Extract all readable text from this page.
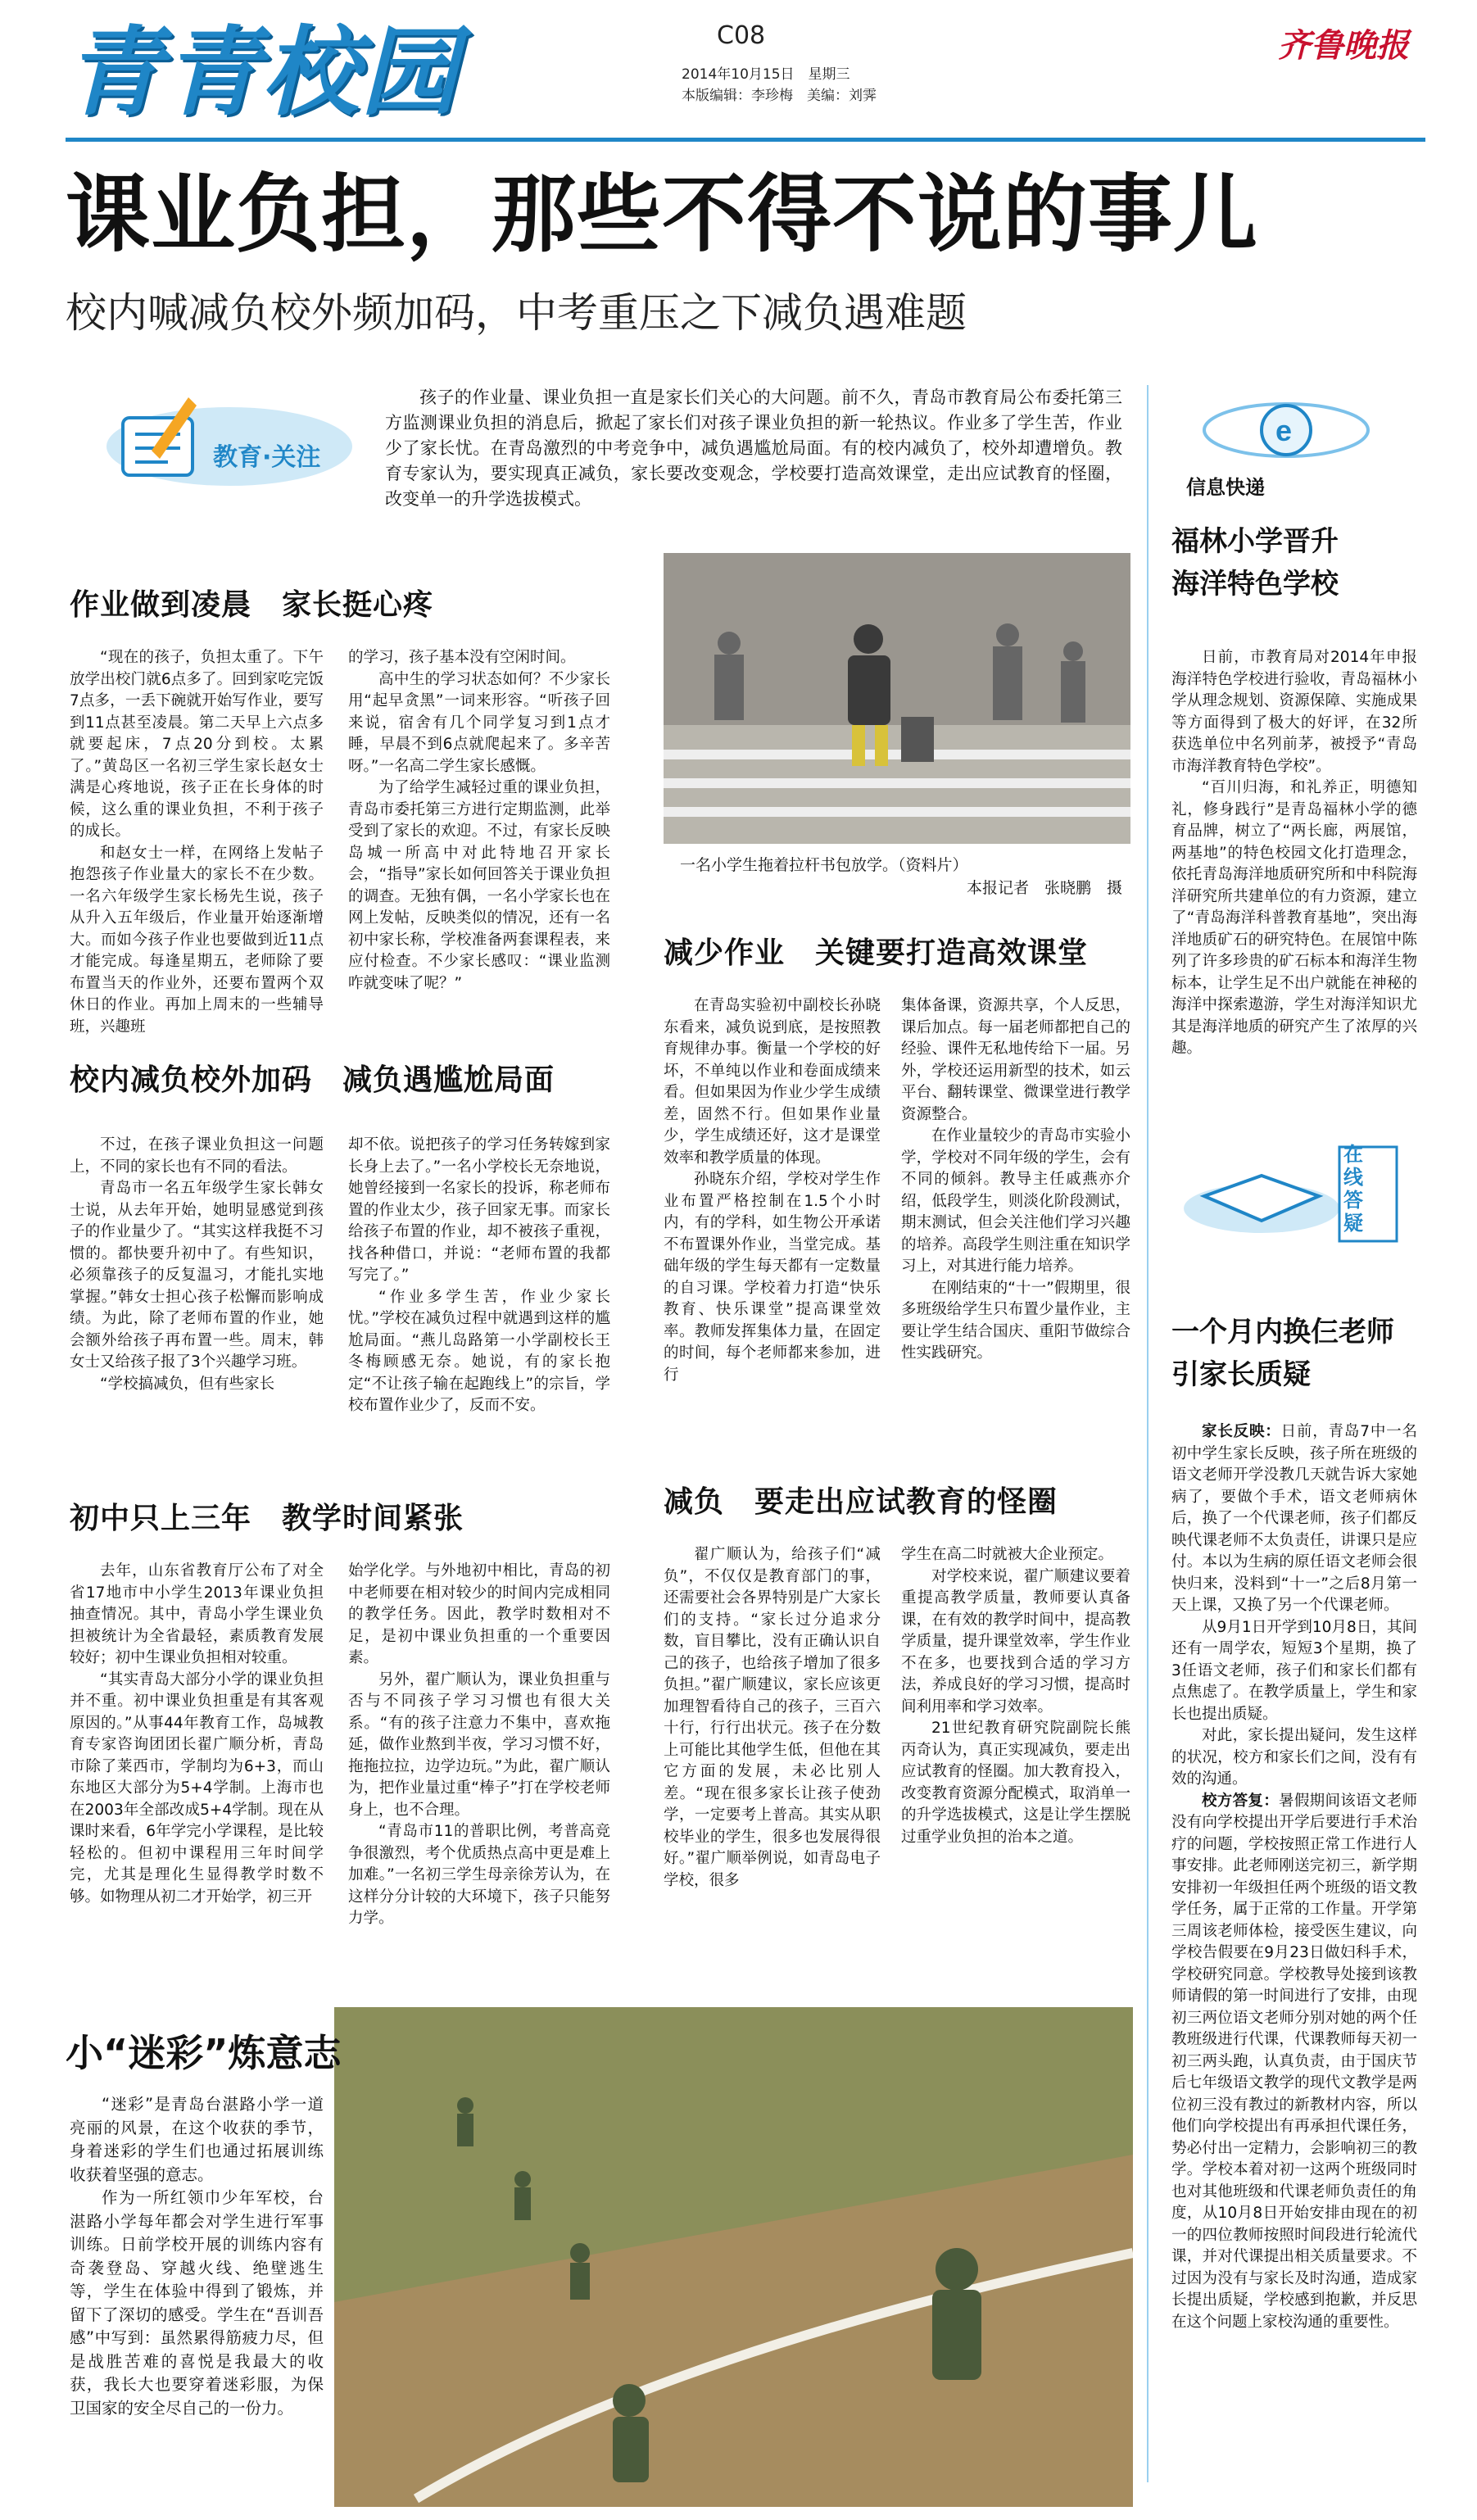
青青校园	C08
2014年10月15日　星期三
本版编辑：李珍梅　美编：刘霁
齐鲁晚报
课业负担，那些不得不说的事儿
校内喊减负校外频加码，中考重压之下减负遇难题
教育·关注
孩子的作业量、课业负担一直是家长们关心的大问题。前不久，青岛市教育局公布委托第三方监测课业负担的消息后，掀起了家长们对孩子课业负担的新一轮热议。作业多了学生苦，作业少了家长忧。在青岛激烈的中考竞争中，减负遇尴尬局面。有的校内减负了，校外却遭增负。教育专家认为，要实现真正减负，家长要改变观念，学校要打造高效课堂，走出应试教育的怪圈，改变单一的升学选拔模式。
作业做到凌晨　家长挺心疼

“现在的孩子，负担太重了。下午放学出校门就6点多了。回到家吃完饭7点多，一丢下碗就开始写作业，要写到11点甚至凌晨。第二天早上六点多就要起床，7点20分到校。太累了。”黄岛区一名初三学生家长赵女士满是心疼地说，孩子正在长身体的时候，这么重的课业负担，不利于孩子的成长。

和赵女士一样，在网络上发帖子抱怨孩子作业量大的家长不在少数。一名六年级学生家长杨先生说，孩子从升入五年级后，作业量开始逐渐增大。而如今孩子作业也要做到近11点才能完成。每逢星期五，老师除了要布置当天的作业外，还要布置两个双休日的作业。再加上周末的一些辅导班，兴趣班

的学习，孩子基本没有空闲时间。

高中生的学习状态如何？不少家长用“起早贪黑”一词来形容。“听孩子回来说，宿舍有几个同学复习到1点才睡，早晨不到6点就爬起来了。多辛苦呀。”一名高二学生家长感慨。

为了给学生减轻过重的课业负担，青岛市委托第三方进行定期监测，此举受到了家长的欢迎。不过，有家长反映岛城一所高中对此特地召开家长会，“指导”家长如何回答关于课业负担的调查。无独有偶，一名小学家长也在网上发帖，反映类似的情况，还有一名初中家长称，学校准备两套课程表，来应付检查。不少家长感叹：“课业监测咋就变味了呢？”

校内减负校外加码　减负遇尴尬局面

不过，在孩子课业负担这一问题上，不同的家长也有不同的看法。

青岛市一名五年级学生家长韩女士说，从去年开始，她明显感觉到孩子的作业量少了。“其实这样我挺不习惯的。都快要升初中了。有些知识，必须靠孩子的反复温习，才能扎实地掌握。”韩女士担心孩子松懈而影响成绩。为此，除了老师布置的作业，她会额外给孩子再布置一些。周末，韩女士又给孩子报了3个兴趣学习班。

“学校搞减负，但有些家长

却不依。说把孩子的学习任务转嫁到家长身上去了。”一名小学校长无奈地说，她曾经接到一名家长的投诉，称老师布置的作业太少，孩子回家无事。而家长给孩子布置的作业，却不被孩子重视，找各种借口，并说：“老师布置的我都写完了。”

“作业多学生苦，作业少家长忧。”学校在减负过程中就遇到这样的尴尬局面。“燕儿岛路第一小学副校长王冬梅顾感无奈。她说，有的家长抱定“不让孩子输在起跑线上”的宗旨，学校布置作业少了，反而不安。

初中只上三年　教学时间紧张

去年，山东省教育厅公布了对全省17地市中小学生2013年课业负担抽查情况。其中，青岛小学生课业负担被统计为全省最轻，素质教育发展较好；初中生课业负担相对较重。

“其实青岛大部分小学的课业负担并不重。初中课业负担重是有其客观原因的。”从事44年教育工作，岛城教育专家咨询团团长翟广顺分析，青岛市除了莱西市，学制均为6+3，而山东地区大部分为5+4学制。上海市也在2003年全部改成5+4学制。现在从课时来看，6年学完小学课程，是比较轻松的。但初中课程用三年时间学完，尤其是理化生显得教学时数不够。如物理从初二才开始学，初三开

始学化学。与外地初中相比，青岛的初中老师要在相对较少的时间内完成相同的教学任务。因此，教学时数相对不足，是初中课业负担重的一个重要因素。

另外，翟广顺认为，课业负担重与否与不同孩子学习习惯也有很大关系。“有的孩子注意力不集中，喜欢拖延，做作业熬到半夜，学习习惯不好，拖拖拉拉，边学边玩。”为此，翟广顺认为，把作业量过重“棒子”打在学校老师身上，也不合理。

“青岛市11的普职比例，考普高竞争很激烈，考个优质热点高中更是难上加难。”一名初三学生母亲徐芳认为，在这样分分计较的大环境下，孩子只能努力学。

一名小学生拖着拉杆书包放学。（资料片）
本报记者　张晓鹏　摄
减少作业　关键要打造高效课堂

在青岛实验初中副校长孙晓东看来，减负说到底，是按照教育规律办事。衡量一个学校的好坏，不单纯以作业和卷面成绩来看。但如果因为作业少学生成绩差，固然不行。但如果作业量少，学生成绩还好，这才是课堂效率和教学质量的体现。

孙晓东介绍，学校对学生作业布置严格控制在1.5个小时内，有的学科，如生物公开承诺不布置课外作业，当堂完成。基础年级的学生每天都有一定数量的自习课。学校着力打造“快乐教育、快乐课堂”提高课堂效率。教师发挥集体力量，在固定的时间，每个老师都来参加，进行

集体备课，资源共享，个人反思，课后加点。每一届老师都把自己的经验、课件无私地传给下一届。另外，学校还运用新型的技术，如云平台、翻转课堂、微课堂进行教学资源整合。

在作业量较少的青岛市实验小学，学校对不同年级的学生，会有不同的倾斜。教导主任戚燕亦介绍，低段学生，则淡化阶段测试，期末测试，但会关注他们学习兴趣的培养。高段学生则注重在知识学习上，对其进行能力培养。

在刚结束的“十一”假期里，很多班级给学生只布置少量作业，主要让学生结合国庆、重阳节做综合性实践研究。

减负　要走出应试教育的怪圈

翟广顺认为，给孩子们“减负”，不仅仅是教育部门的事，还需要社会各界特别是广大家长们的支持。“家长过分追求分数，盲目攀比，没有正确认识自己的孩子，也给孩子增加了很多负担。”翟广顺建议，家长应该更加理智看待自己的孩子，三百六十行，行行出状元。孩子在分数上可能比其他学生低，但他在其它方面的发展，未必比别人差。“现在很多家长让孩子使劲学，一定要考上普高。其实从职校毕业的学生，很多也发展得很好。”翟广顺举例说，如青岛电子学校，很多

学生在高二时就被大企业预定。

对学校来说，翟广顺建议要着重提高教学质量，教师要认真备课，在有效的教学时间中，提高教学质量，提升课堂效率，学生作业不在多，也要找到合适的学习方法，养成良好的学习习惯，提高时间利用率和学习效率。

21世纪教育研究院副院长熊丙奇认为，真正实现减负，要走出应试教育的怪圈。加大教育投入，改变教育资源分配模式，取消单一的升学选拔模式，这是让学生摆脱过重学业负担的治本之道。

小“迷彩”炼意志

“迷彩”是青岛台湛路小学一道亮丽的风景，在这个收获的季节，身着迷彩的学生们也通过拓展训练收获着坚强的意志。

作为一所红领巾少年军校，台湛路小学每年都会对学生进行军事训练。日前学校开展的训练内容有奇袭登岛、穿越火线、绝壁逃生等，学生在体验中得到了锻炼，并留下了深切的感受。学生在“吾训吾感”中写到：虽然累得筋疲力尽，但是战胜苦难的喜悦是我最大的收获，我长大也要穿着迷彩服，为保卫国家的安全尽自己的一份力。

e
信息快递
福林小学晋升
海洋特色学校

日前，市教育局对2014年申报海洋特色学校进行验收，青岛福林小学从理念规划、资源保障、实施成果等方面得到了极大的好评，在32所获选单位中名列前茅，被授予“青岛市海洋教育特色学校”。

“百川归海，和礼养正，明德知礼，修身践行”是青岛福林小学的德育品牌，树立了“两长廊，两展馆，两基地”的特色校园文化打造理念，依托青岛海洋地质研究所和中科院海洋研究所共建单位的有力资源，建立了“青岛海洋科普教育基地”，突出海洋地质矿石的研究特色。在展馆中陈列了许多珍贵的矿石标本和海洋生物标本，让学生足不出户就能在神秘的海洋中探索遨游，学生对海洋知识尤其是海洋地质的研究产生了浓厚的兴趣。

在线答疑
一个月内换仨老师
引家长质疑

家长反映：日前，青岛7中一名初中学生家长反映，孩子所在班级的语文老师开学没教几天就告诉大家她病了，要做个手术，语文老师病休后，换了一个代课老师，孩子们都反映代课老师不太负责任，讲课只是应付。本以为生病的原任语文老师会很快归来，没料到“十一”之后8月第一天上课，又换了另一个代课老师。

从9月1日开学到10月8日，其间还有一周学农，短短3个星期，换了3任语文老师，孩子们和家长们都有点焦虑了。在教学质量上，学生和家长也提出质疑。

对此，家长提出疑问，发生这样的状况，校方和家长们之间，没有有效的沟通。

校方答复：暑假期间该语文老师没有向学校提出开学后要进行手术治疗的问题，学校按照正常工作进行人事安排。此老师刚送完初三，新学期安排初一年级担任两个班级的语文教学任务，属于正常的工作量。开学第三周该老师体检，接受医生建议，向学校告假要在9月23日做妇科手术，学校研究同意。学校教导处接到该教师请假的第一时间进行了安排，由现初三两位语文老师分别对她的两个任教班级进行代课，代课教师每天初一初三两头跑，认真负责，由于国庆节后七年级语文教学的现代文教学是两位初三没有教过的新教材内容，所以他们向学校提出有再承担代课任务，势必付出一定精力，会影响初三的教学。学校本着对初一这两个班级同时也对其他班级和代课老师负责任的角度，从10月8日开始安排由现在的初一的四位教师按照时间段进行轮流代课，并对代课提出相关质量要求。不过因为没有与家长及时沟通，造成家长提出质疑，学校感到抱歉，并反思在这个问题上家校沟通的重要性。
